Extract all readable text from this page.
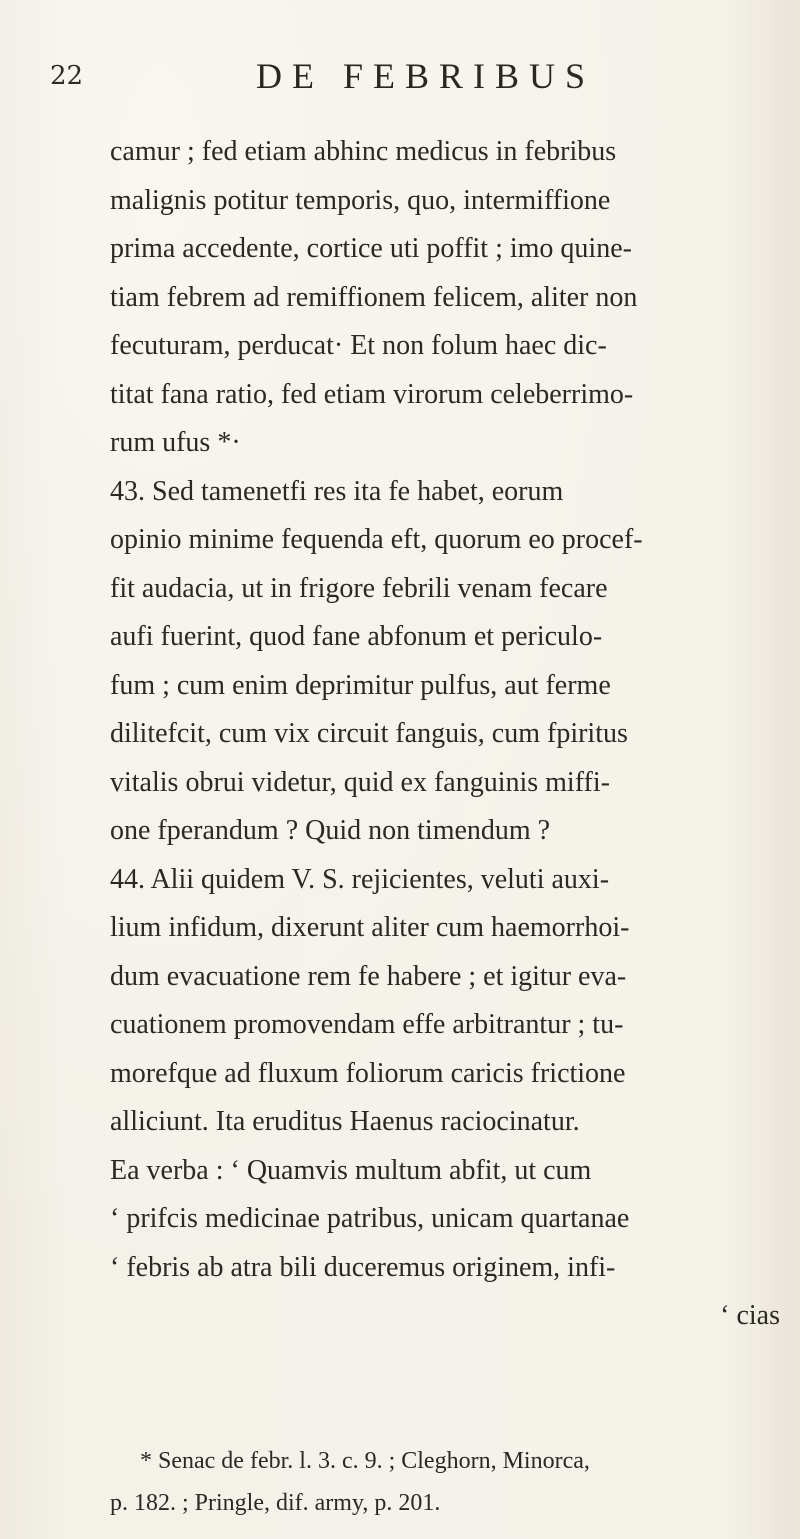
22	DE FEBRIBUS
camur ; fed etiam abhinc medicus in febribus
malignis potitur temporis, quo, intermiffione
prima accedente, cortice uti poffit ; imo quine-
tiam febrem ad remiffionem felicem, aliter non
fecuturam, perducat· Et non folum haec dic-
titat fana ratio, fed etiam virorum celeberrimo-
rum ufus *·
43. Sed tamenetfi res ita fe habet, eorum
opinio minime fequenda eft, quorum eo procef-
fit audacia, ut in frigore febrili venam fecare
aufi fuerint, quod fane abfonum et periculo-
fum ; cum enim deprimitur pulfus, aut ferme
dilitefcit, cum vix circuit fanguis, cum fpiritus
vitalis obrui videtur, quid ex fanguinis miffi-
one fperandum ? Quid non timendum ?
44. Alii quidem V. S. rejicientes, veluti auxi-
lium infidum, dixerunt aliter cum haemorrhoi-
dum evacuatione rem fe habere ; et igitur eva-
cuationem promovendam effe arbitrantur ; tu-
morefque ad fluxum foliorum caricis frictione
alliciunt. Ita eruditus Haenus raciocinatur.
Ea verba : ‘ Quamvis multum abfit, ut cum
‘ prifcis medicinae patribus, unicam quartanae
‘ febris ab atra bili duceremus originem, infi-
‘ cias
* Senac de febr. l. 3. c. 9. ; Cleghorn, Minorca,
p. 182. ; Pringle, dif. army, p. 201.
